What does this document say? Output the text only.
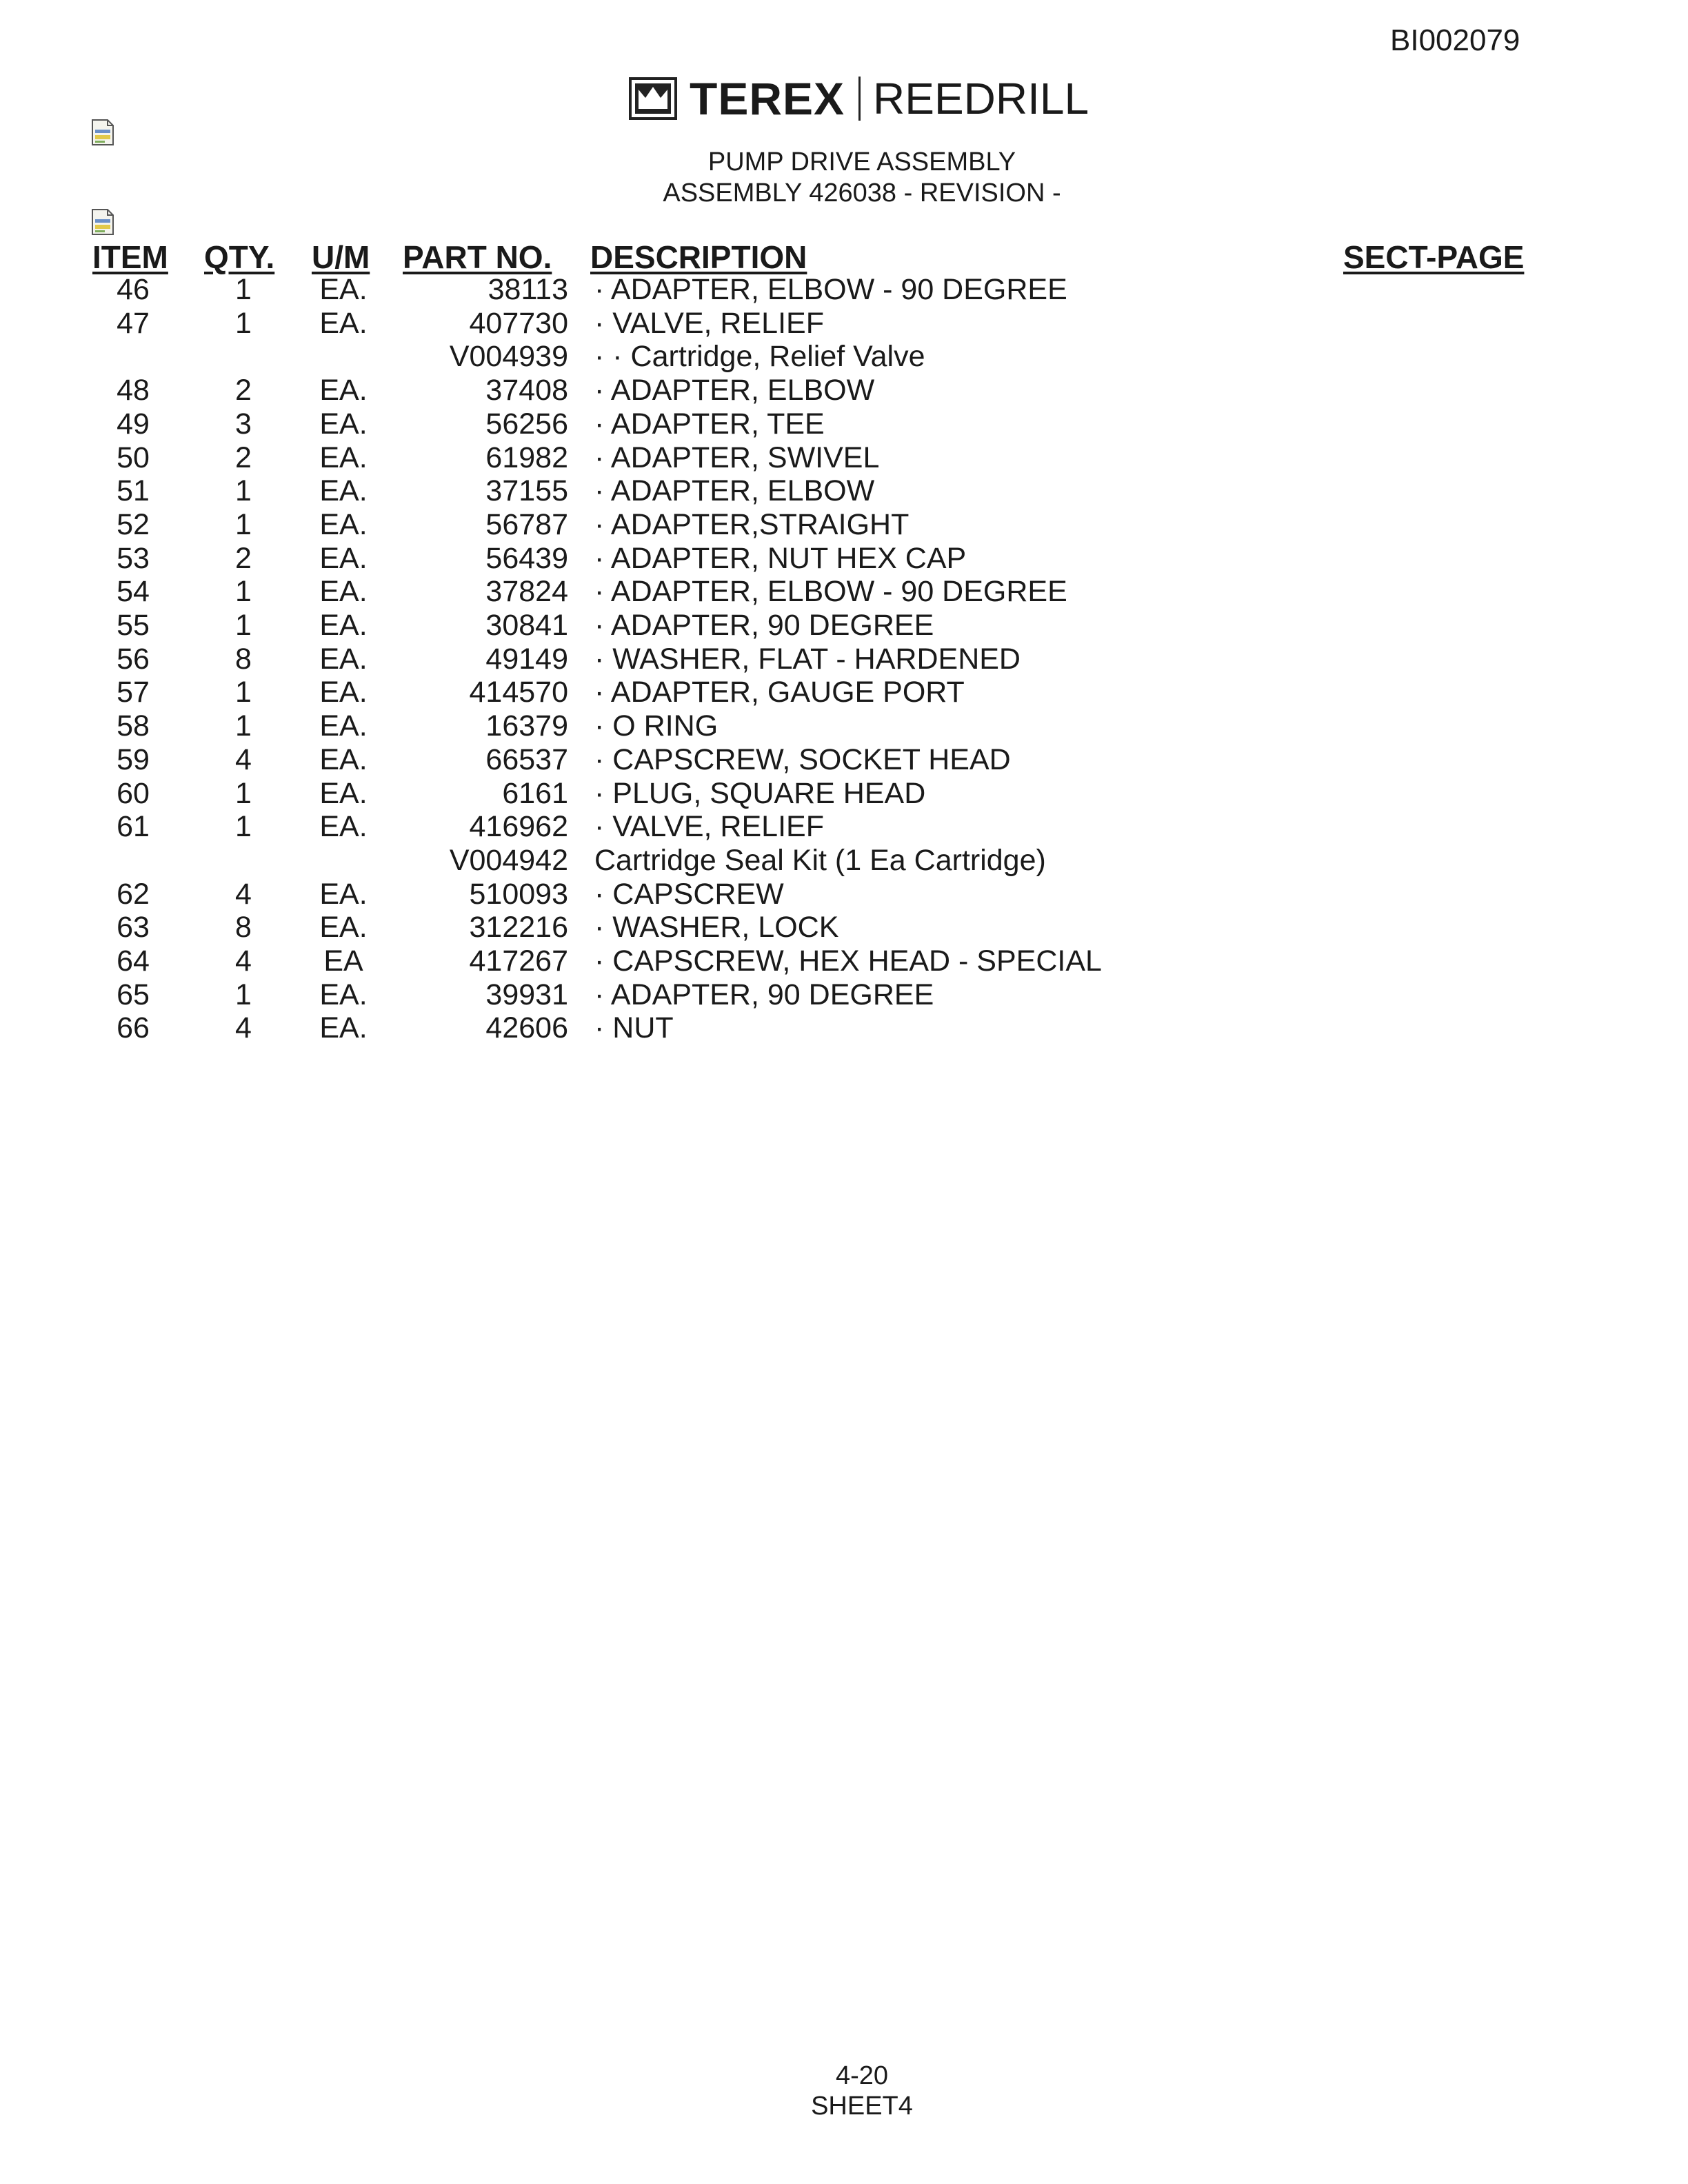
BI002079
TEREX REEDRILL
PUMP DRIVE ASSEMBLY
ASSEMBLY 426038 - REVISION -
ITEM QTY. U/M PART NO. DESCRIPTION	SECT-PAGE
46	1	EA.	38113 · ADAPTER, ELBOW - 90 DEGREE
47	1	EA.	407730 · VALVE, RELIEF
V004939 · · Cartridge, Relief Valve
48	2	EA.	37408 · ADAPTER, ELBOW
49	3	EA.	56256 · ADAPTER, TEE
50	2	EA.	61982 · ADAPTER, SWIVEL
51	1	EA.	37155 · ADAPTER, ELBOW
52	1	EA.	56787 · ADAPTER,STRAIGHT
53	2	EA.	56439 · ADAPTER, NUT HEX CAP
54	1	EA.	37824 · ADAPTER, ELBOW - 90 DEGREE
55	1	EA.	30841 · ADAPTER, 90 DEGREE
56	8	EA.	49149 · WASHER, FLAT - HARDENED
57	1	EA.	414570 · ADAPTER, GAUGE PORT
58	1	EA.	16379 · O RING
59	4	EA.	66537 · CAPSCREW, SOCKET HEAD
60	1	EA.	6161 · PLUG, SQUARE HEAD
61	1	EA.	416962 · VALVE, RELIEF
V004942 Cartridge Seal Kit (1 Ea Cartridge)
62	4	EA.	510093 · CAPSCREW
63	8	EA.	312216 · WASHER, LOCK
64	4	EA	417267 · CAPSCREW, HEX HEAD - SPECIAL
65	1	EA.	39931 · ADAPTER, 90 DEGREE
66	4	EA.	42606 · NUT
4-20
SHEET4
